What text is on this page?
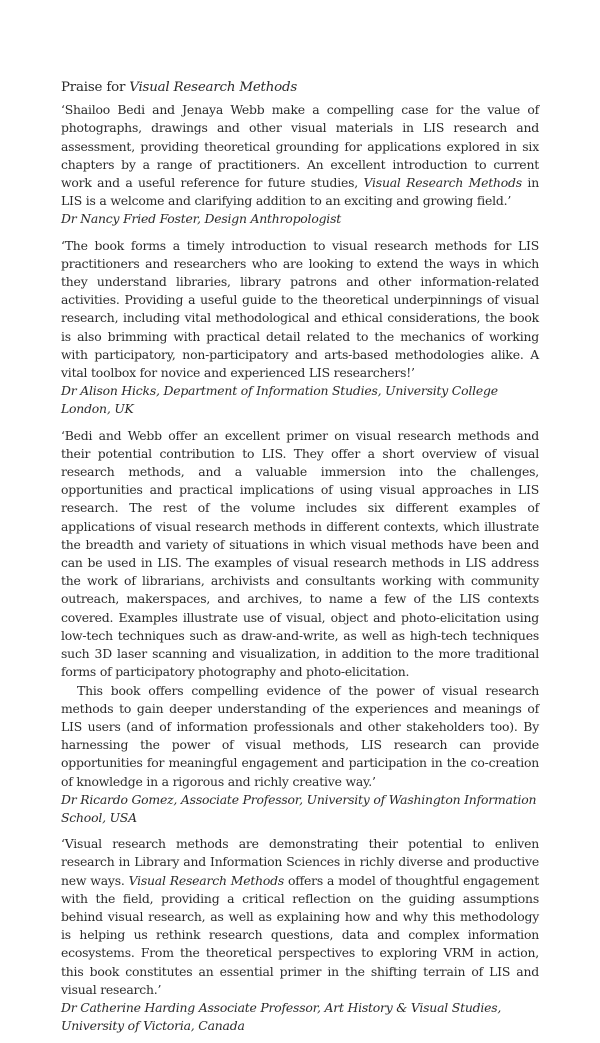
Praise for Visual Research Methods

‘Shailoo Bedi and Jenaya Webb make a compelling case for the value of photographs, drawings and other visual materials in LIS research and assessment, providing theoretical grounding for applications explored in six chapters by a range of practitioners. An excellent introduction to current work and a useful reference for future studies, Visual Research Methods in LIS is a welcome and clarifying addition to an exciting and growing field.’

Dr Nancy Fried Foster, Design Anthropologist

‘The book forms a timely introduction to visual research methods for LIS practitioners and researchers who are looking to extend the ways in which they understand libraries, library patrons and other information-related activities. Providing a useful guide to the theoretical underpinnings of visual research, including vital methodological and ethical considerations, the book is also brimming with practical detail related to the mechanics of working with participatory, non-participatory and arts-based methodologies alike. A vital toolbox for novice and experienced LIS researchers!’

Dr Alison Hicks, Department of Information Studies, University College London, UK

‘Bedi and Webb offer an excellent primer on visual research methods and their potential contribution to LIS. They offer a short overview of visual research methods, and a valuable immersion into the challenges, opportunities and practical implications of using visual approaches in LIS research. The rest of the volume includes six different examples of applications of visual research methods in different contexts, which illustrate the breadth and variety of situations in which visual methods have been and can be used in LIS. The examples of visual research methods in LIS address the work of librarians, archivists and consultants working with community outreach, makerspaces, and archives, to name a few of the LIS contexts covered. Examples illustrate use of visual, object and photo-elicitation using low-tech techniques such as draw-and-write, as well as high-tech techniques such 3D laser scanning and visualization, in addition to the more traditional forms of participatory photography and photo-elicitation.

This book offers compelling evidence of the power of visual research methods to gain deeper understanding of the experiences and meanings of LIS users (and of information professionals and other stakeholders too). By harnessing the power of visual methods, LIS research can provide opportunities for meaningful engagement and participation in the co-creation of knowledge in a rigorous and richly creative way.’

Dr Ricardo Gomez, Associate Professor, University of Washington Information School, USA

‘Visual research methods are demonstrating their potential to enliven research in Library and Information Sciences in richly diverse and productive new ways. Visual Research Methods offers a model of thoughtful engagement with the field, providing a critical reflection on the guiding assumptions behind visual research, as well as explaining how and why this methodology is helping us rethink research questions, data and complex information ecosystems. From the theoretical perspectives to exploring VRM in action, this book constitutes an essential primer in the shifting terrain of LIS and visual research.’

Dr Catherine Harding Associate Professor, Art History & Visual Studies, University of Victoria, Canada
